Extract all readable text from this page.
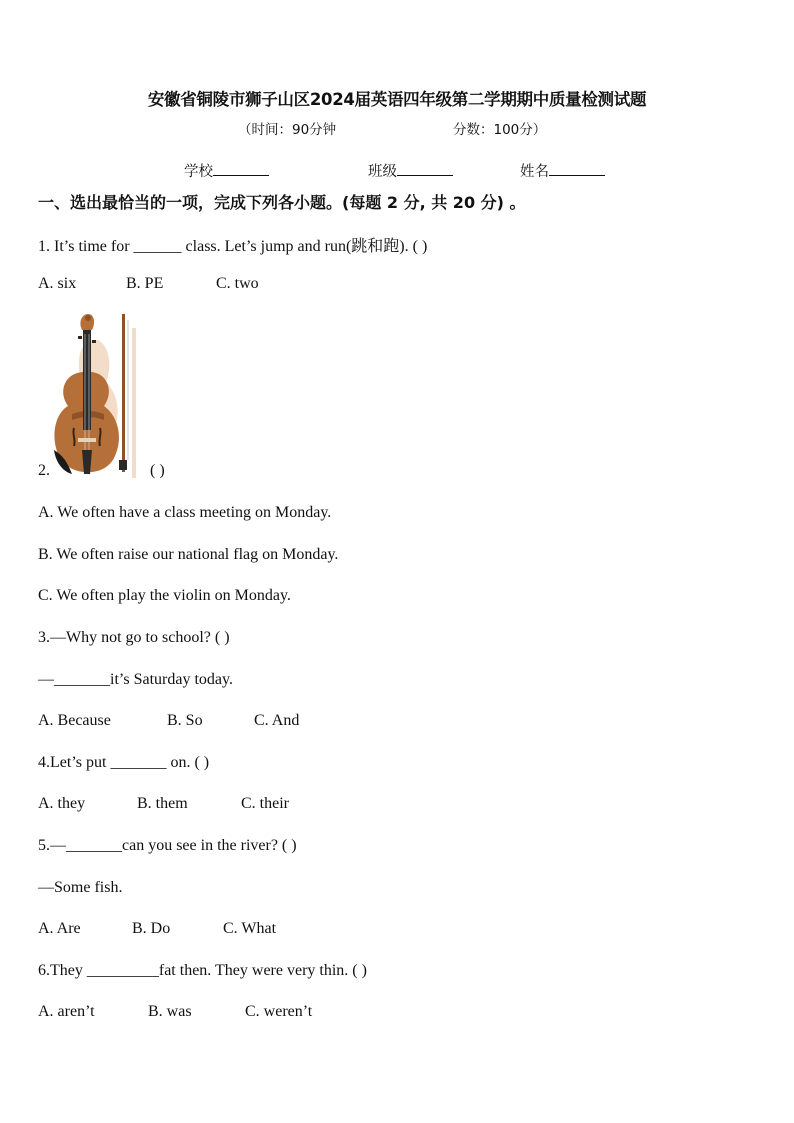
安徽省铜陵市狮子山区2024届英语四年级第二学期期中质量检测试题
（时间：90分钟	分数：100分）
学校	班级	姓名
一、选出最恰当的一项，完成下列各小题。(每题 2 分, 共 20 分) 。
1. It’s time for ______ class. Let’s jump and run(跳和跑). ( )
A. six	B. PE	C. two
2.	( )
A. We often have a class meeting on Monday.
B. We often raise our national flag on Monday.
C. We often play the violin on Monday.
3.—Why not go to school? ( )
—_______it’s Saturday today.
A. Because	B. So	C. And
4.Let’s put _______ on. ( )
A. they	B. them	C. their
5.—_______can you see in the river? ( )
—Some fish.
A. Are	B. Do	C. What
6.They _________fat then. They were very thin. ( )
A. aren’t	B. was	C. weren’t
